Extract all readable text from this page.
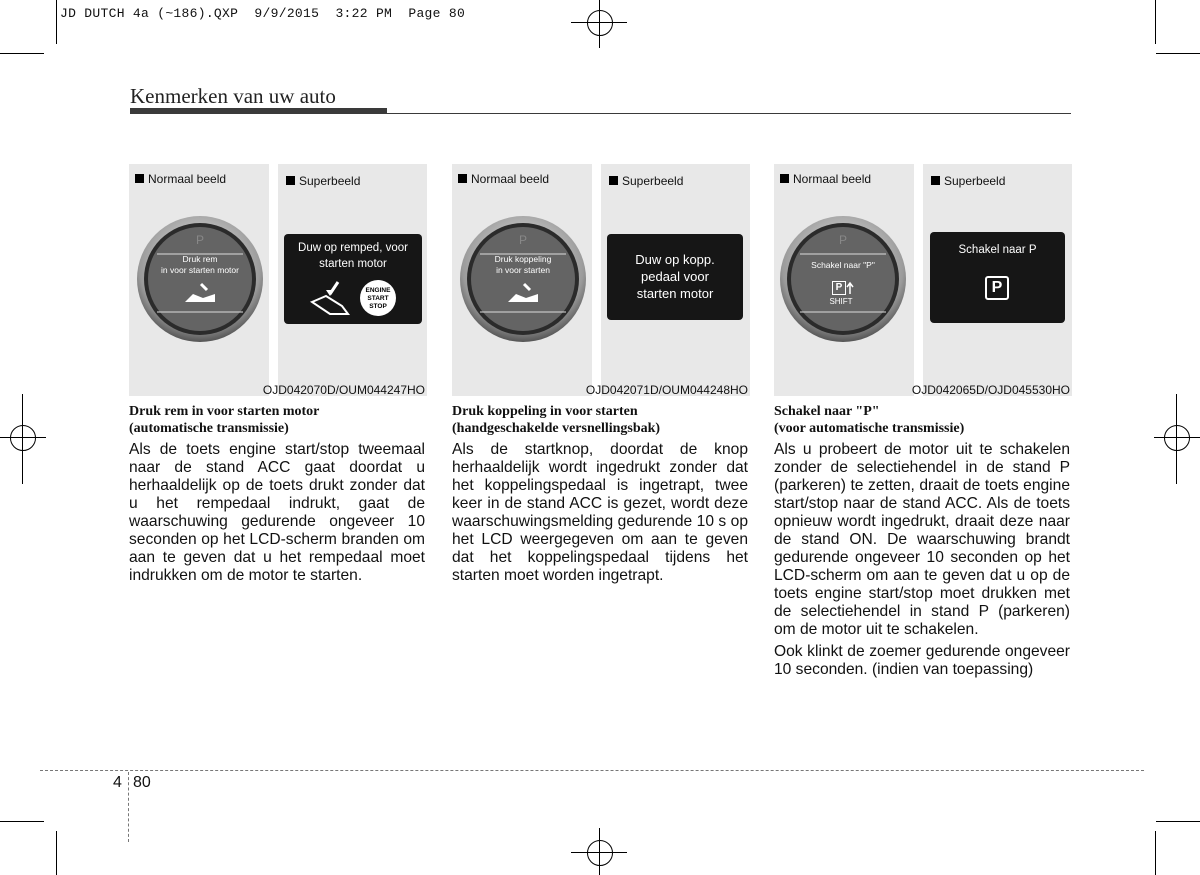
JD DUTCH 4a (~186).QXP  9/9/2015  3:22 PM  Page 80
Kenmerken van uw auto
Normaal beeld	Superbeeld
P
Druk rem
in voor starten motor
Duw op remped, voor
starten motor
ENGINE
START
STOP
OJD042070D/OUM044247HO
Normaal beeld	Superbeeld
P
Druk koppeling
in voor starten
Duw op kopp.
pedaal voor
starten motor
OJD042071D/OUM044248HO
Normaal beeld	Superbeeld
P
Schakel naar "P"
P
SHIFT
Schakel naar P
P
OJD042065D/OJD045530HO
Druk rem in voor starten motor
(automatische transmissie)

Als de toets engine start/stop tweemaal naar de stand ACC gaat doordat u herhaaldelijk op de toets drukt zonder dat u het rempedaal indrukt, gaat de waarschuwing gedurende ongeveer 10 seconden op het LCD-scherm branden om aan te geven dat u het rempedaal moet indrukken om de motor te starten.

Druk koppeling in voor starten
(handgeschakelde versnellingsbak)

Als de startknop, doordat de knop herhaaldelijk wordt ingedrukt zonder dat het koppelingspedaal is ingetrapt, twee keer in de stand ACC is gezet, wordt deze waarschuwingsmelding gedurende 10 s op het LCD weergegeven om aan te geven dat het koppelingspedaal tijdens het starten moet worden ingetrapt.

Schakel naar "P"
(voor automatische transmissie)

Als u probeert de motor uit te schakelen zonder de selectiehendel in de stand P (parkeren) te zetten, draait de toets engine start/stop naar de stand ACC. Als de toets opnieuw wordt ingedrukt, draait deze naar de stand ON. De waarschuwing brandt gedurende ongeveer 10 seconden op het LCD-scherm om aan te geven dat u op de toets engine start/stop moet drukken met de selectiehendel in stand P (parkeren) om de motor uit te schakelen.

Ook klinkt de zoemer gedurende ongeveer 10 seconden. (indien van toepassing)

4 80
